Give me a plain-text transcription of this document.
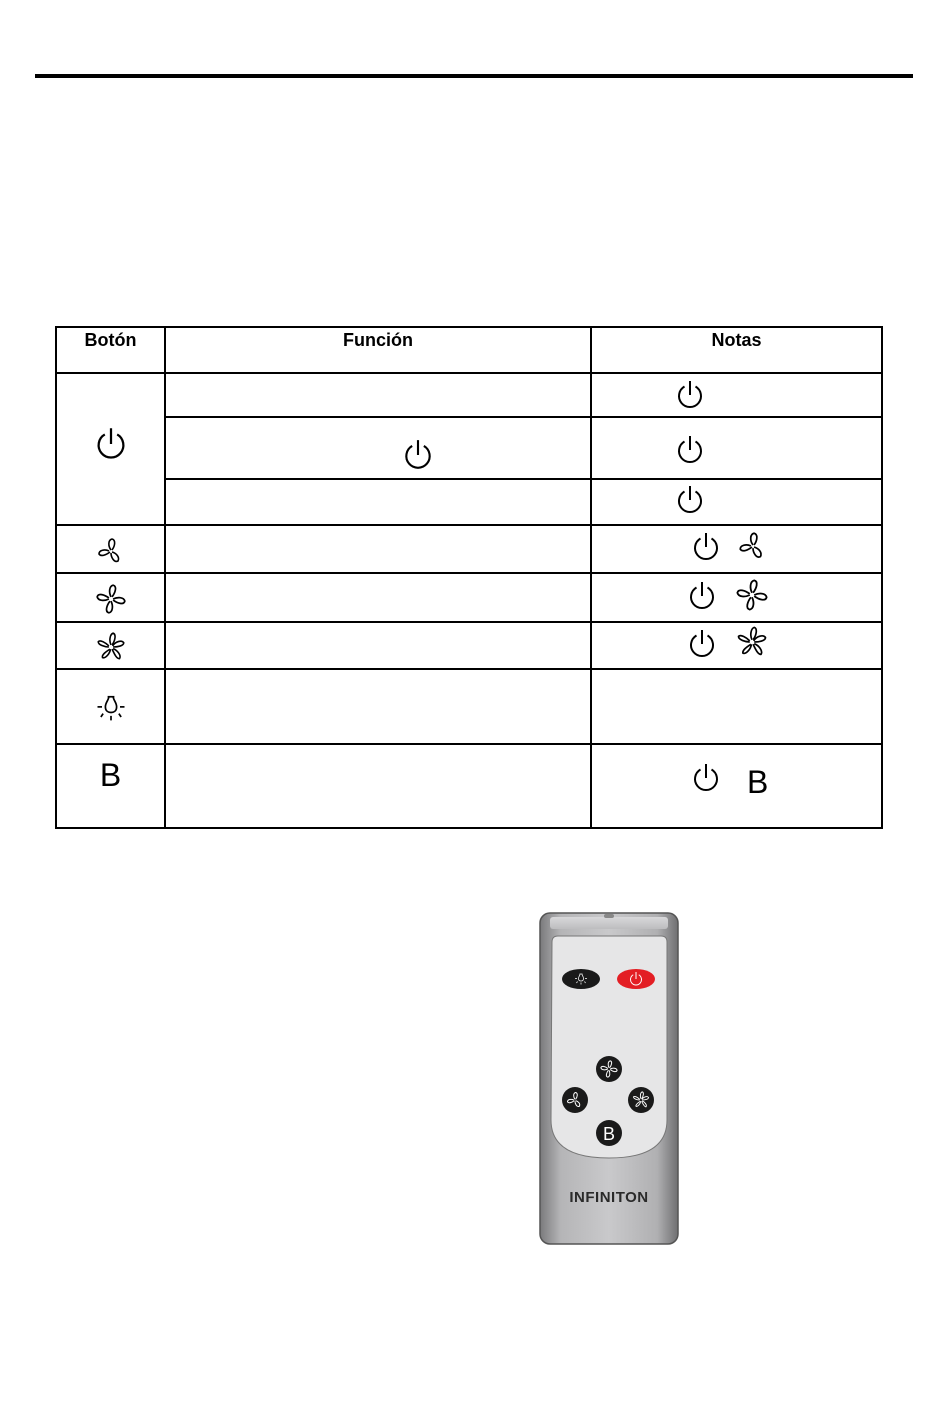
Botón	Función	Notas

B		B
B
INFINITON
